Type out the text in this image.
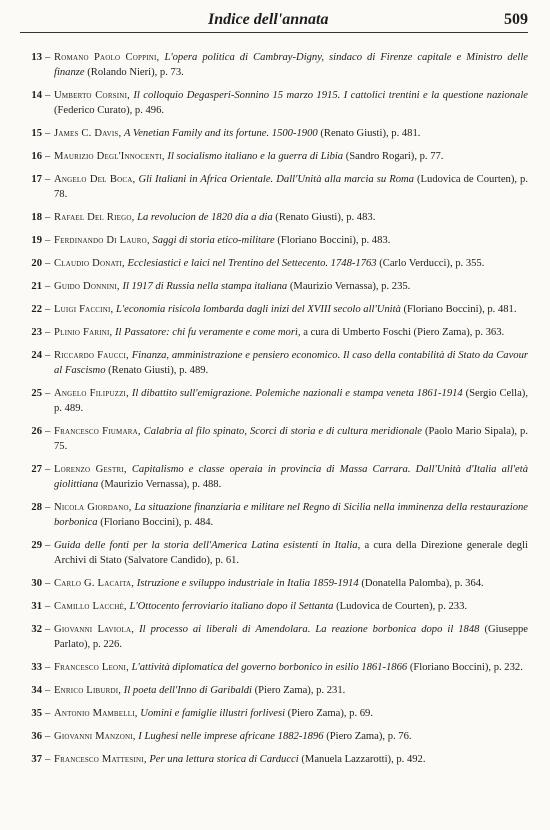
Indice dell'annata	509
13 – Romano Paolo Coppini, L'opera politica di Cambray-Digny, sindaco di Firenze capitale e Ministro delle finanze (Rolando Nieri), p. 73.
14 – Umberto Corsini, Il colloquio Degasperi-Sonnino 15 marzo 1915. I cattolici trentini e la questione nazionale (Federico Curato), p. 496.
15 – James C. Davis, A Venetian Family and its fortune. 1500-1900 (Renato Giusti), p. 481.
16 – Maurizio Degl'Innocenti, Il socialismo italiano e la guerra di Libia (Sandro Rogari), p. 77.
17 – Angelo Del Boca, Gli Italiani in Africa Orientale. Dall'Unità alla marcia su Roma (Ludovica de Courten), p. 78.
18 – Rafael Del Riego, La revolucion de 1820 dia a dia (Renato Giusti), p. 483.
19 – Ferdinando Di Lauro, Saggi di storia etico-militare (Floriano Boccini), p. 483.
20 – Claudio Donati, Ecclesiastici e laici nel Trentino del Settecento. 1748-1763 (Carlo Verducci), p. 355.
21 – Guido Donnini, Il 1917 di Russia nella stampa italiana (Maurizio Vernassa), p. 235.
22 – Luigi Faccini, L'economia risicola lombarda dagli inizi del XVIII secolo all'Unità (Floriano Boccini), p. 481.
23 – Plinio Farini, Il Passatore: chi fu veramente e come morì, a cura di Umberto Foschi (Piero Zama), p. 363.
24 – Riccardo Faucci, Finanza, amministrazione e pensiero economico. Il caso della contabilità di Stato da Cavour al Fascismo (Renato Giusti), p. 489.
25 – Angelo Filipuzzi, Il dibattito sull'emigrazione. Polemiche nazionali e stampa veneta 1861-1914 (Sergio Cella), p. 489.
26 – Francesco Fiumara, Calabria al filo spinato, Scorci di storia e di cultura meridionale (Paolo Mario Sipala), p. 75.
27 – Lorenzo Gestri, Capitalismo e classe operaia in provincia di Massa Carrara. Dall'Unità d'Italia all'età giolittiana (Maurizio Vernassa), p. 488.
28 – Nicola Giordano, La situazione finanziaria e militare nel Regno di Sicilia nella imminenza della restaurazione borbonica (Floriano Boccini), p. 484.
29 – Guida delle fonti per la storia dell'America Latina esistenti in Italia, a cura della Direzione generale degli Archivi di Stato (Salvatore Candido), p. 61.
30 – Carlo G. Lacaita, Istruzione e sviluppo industriale in Italia 1859-1914 (Donatella Palomba), p. 364.
31 – Camillo Lacchè, L'Ottocento ferroviario italiano dopo il Settanta (Ludovica de Courten), p. 233.
32 – Giovanni Laviola, Il processo ai liberali di Amendolara. La reazione borbonica dopo il 1848 (Giuseppe Parlato), p. 226.
33 – Francesco Leoni, L'attività diplomatica del governo borbonico in esilio 1861-1866 (Floriano Boccini), p. 232.
34 – Enrico Liburdi, Il poeta dell'Inno di Garibaldi (Piero Zama), p. 231.
35 – Antonio Mambelli, Uomini e famiglie illustri forlivesi (Piero Zama), p. 69.
36 – Giovanni Manzoni, I Lughesi nelle imprese africane 1882-1896 (Piero Zama), p. 76.
37 – Francesco Mattesini, Per una lettura storica di Carducci (Manuela Lazzarotti), p. 492.
